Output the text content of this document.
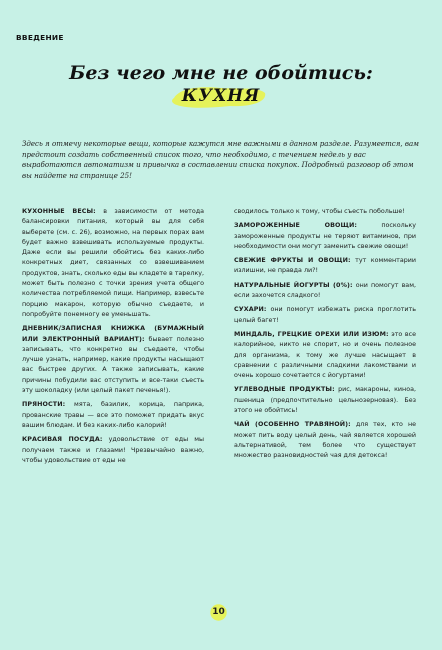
ВВЕДЕНИЕ
Без чего мне не обойтись:
КУХНЯ
Здесь я отмечу некоторые вещи, которые кажутся мне важными в данном разделе. Разумеется, вам предстоит создать собственный список того, что необходимо, с течением недель у вас выработаются автоматизм и привычка в составлении списка покупок. Подробный разговор об этом вы найдете на странице 25!

КУХОННЫЕ ВЕСЫ: в зависимости от метода балансировки питания, который вы для себя выберете (см. с. 26), возможно, на первых порах вам будет важно взвешивать используемые продукты. Даже если вы решили обойтись без каких-либо конкретных диет, связанных со взвешиванием продуктов, знать, сколько еды вы кладете в тарелку, может быть полезно с точки зрения учета общего количества потребляемой пищи. Например, взвесьте порцию макарон, которую обычно съедаете, и попробуйте понемногу ее уменьшать.

ДНЕВНИК/ЗАПИСНАЯ КНИЖКА (БУМАЖНЫЙ ИЛИ ЭЛЕКТРОННЫЙ ВАРИАНТ): бывает полезно записывать, что конкретно вы съедаете, чтобы лучше узнать, например, какие продукты насыщают вас быстрее других. А также записывать, какие причины побудили вас отступить и все-таки съесть эту шоколадку (или целый пакет печенья!).

ПРЯНОСТИ: мята, базилик, корица, паприка, прованские травы — все это поможет придать вкус вашим блюдам. И без каких-либо калорий!

КРАСИВАЯ ПОСУДА: удовольствие от еды мы получаем также и глазами! Чрезвычайно важно, чтобы удовольствие от еды не

сводилось только к тому, чтобы съесть побольше!

ЗАМОРОЖЕННЫЕ ОВОЩИ: поскольку замороженные продукты не теряют витаминов, при необходимости они могут заменить свежие овощи!

СВЕЖИЕ ФРУКТЫ И ОВОЩИ: тут комментарии излишни, не правда ли?!

НАТУРАЛЬНЫЕ ЙОГУРТЫ (0%): они помогут вам, если захочется сладкого!

СУХАРИ: они помогут избежать риска проглотить целый багет!

МИНДАЛЬ, ГРЕЦКИЕ ОРЕХИ ИЛИ ИЗЮМ: это все калорийное, никто не спорит, но и очень полезное для организма, к тому же лучше насыщает в сравнении с различными сладкими лакомствами и очень хорошо сочетается с йогуртами!

УГЛЕВОДНЫЕ ПРОДУКТЫ: рис, макароны, киноа, пшеница (предпочтительно цельнозерновая). Без этого не обойтись!

ЧАЙ (ОСОБЕННО ТРАВЯНОЙ): для тех, кто не может пить воду целый день, чай является хорошей альтернативой, тем более что существует множество разновидностей чая для детокса!

10
